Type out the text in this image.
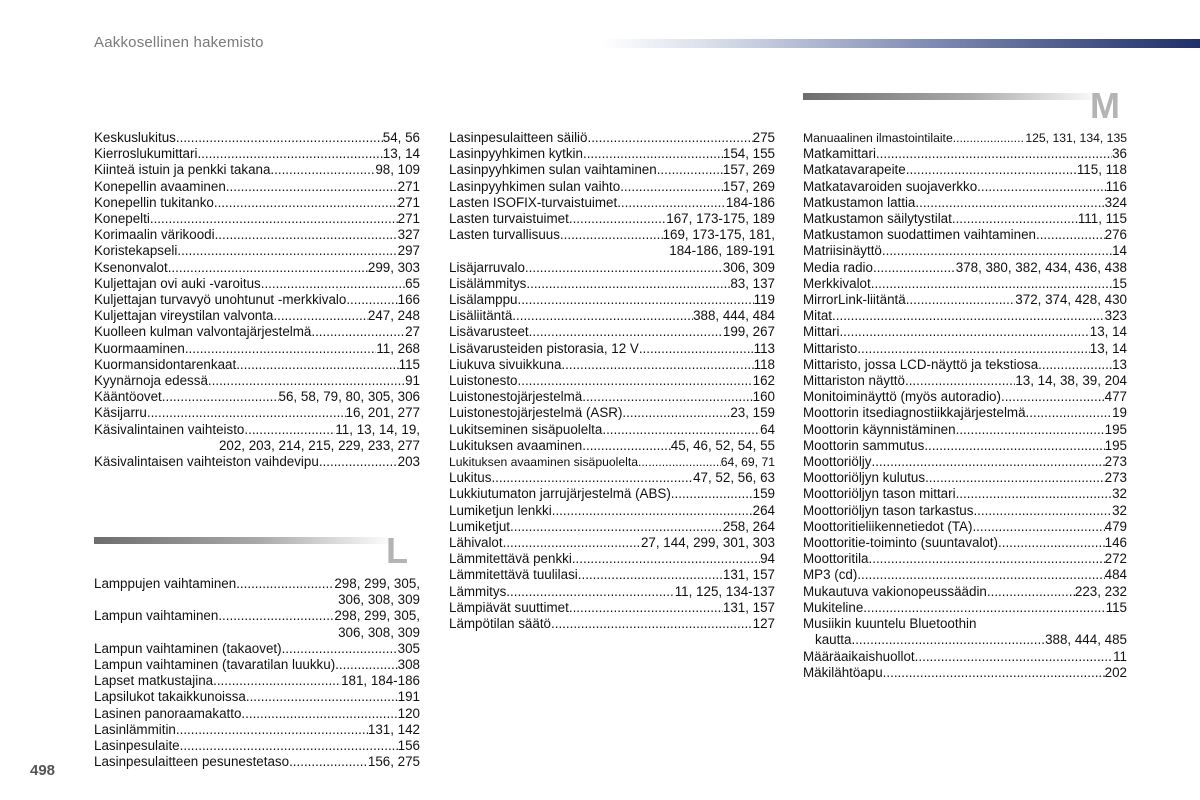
Aakkosellinen hakemisto
Keskuslukitus .....	54, 56
Kierroslukumittari .....	13, 14
Kiinteä istuin ja penkki takana .....	98, 109
Konepellin avaaminen .....	271
Konepellin tukitanko .....	271
Konepelti .....	271
Korimaalin värikoodi .....	327
Koristekapseli .....	297
Ksenonvalot .....	299, 303
Kuljettajan ovi auki -varoitus .....	65
Kuljettajan turvavyö unohtunut -merkkivalo .....	166
Kuljettajan vireystilan valvonta .....	247, 248
Kuolleen kulman valvontajärjestelmä .....	27
Kuormaaminen .....	11, 268
Kuormansidontarenkaat .....	115
Kyynärnoja edessä .....	91
Kääntöovet .....	56, 58, 79, 80, 305, 306
Käsijarru .....	16, 201, 277
Käsivalintainen vaihteisto .....	11, 13, 14, 19,
202, 203, 214, 215, 229, 233, 277
Käsivalintaisen vaihteiston vaihdevipu .....	203
L
Lamppujen vaihtaminen .....	298, 299, 305,
306, 308, 309
Lampun vaihtaminen .....	298, 299, 305,
306, 308, 309
Lampun vaihtaminen (takaovet) .....	305
Lampun vaihtaminen (tavaratilan luukku) .....	308
Lapset matkustajina .....	181, 184-186
Lapsilukot takaikkunoissa .....	191
Lasinen panoraamakatto .....	120
Lasinlämmitin .....	131, 142
Lasinpesulaite .....	156
Lasinpesulaitteen pesunestetaso .....	156, 275
Lasinpesulaitteen säiliö .....	275
Lasinpyyhkimen kytkin .....	154, 155
Lasinpyyhkimen sulan vaihtaminen .....	157, 269
Lasinpyyhkimen sulan vaihto .....	157, 269
Lasten ISOFIX-turvaistuimet .....	184-186
Lasten turvaistuimet .....	167, 173-175, 189
Lasten turvallisuus .....	169, 173-175, 181,
184-186, 189-191
Lisäjarruvalo .....	306, 309
Lisälämmitys .....	83, 137
Lisälamppu .....	119
Lisäliitäntä .....	388, 444, 484
Lisävarusteet .....	199, 267
Lisävarusteiden pistorasia, 12 V .....	113
Liukuva sivuikkuna .....	118
Luistonesto .....	162
Luistonestojärjestelmä .....	160
Luistonestojärjestelmä (ASR) .....	23, 159
Lukitseminen sisäpuolelta .....	64
Lukituksen avaaminen .....	45, 46, 52, 54, 55
Lukituksen avaaminen sisäpuolelta .....	64, 69, 71
Lukitus .....	47, 52, 56, 63
Lukkiutumaton jarrujärjestelmä (ABS) .....	159
Lumiketjun lenkki .....	264
Lumiketjut .....	258, 264
Lähivalot .....	27, 144, 299, 301, 303
Lämmitettävä penkki .....	94
Lämmitettävä tuulilasi .....	131, 157
Lämmitys .....	11, 125, 134-137
Lämpiävät suuttimet .....	131, 157
Lämpötilan säätö .....	127
M
Manuaalinen ilmastointilaite .....	125, 131, 134, 135
Matkamittari .....	36
Matkatavarapeite .....	115, 118
Matkatavaroiden suojaverkko .....	116
Matkustamon lattia .....	324
Matkustamon säilytystilat .....	111, 115
Matkustamon suodattimen vaihtaminen .....	276
Matriisinäyttö .....	14
Media radio .....	378, 380, 382, 434, 436, 438
Merkkivalot .....	15
MirrorLink-liitäntä .....	372, 374, 428, 430
Mitat .....	323
Mittari .....	13, 14
Mittaristo .....	13, 14
Mittaristo, jossa LCD-näyttö ja tekstiosa .....	13
Mittariston näyttö .....	13, 14, 38, 39, 204
Monitoiminäyttö (myös autoradio) .....	477
Moottorin itsediagnostiikkajärjestelmä .....	19
Moottorin käynnistäminen .....	195
Moottorin sammutus .....	195
Moottoriöljy .....	273
Moottoriöljyn kulutus .....	273
Moottoriöljyn tason mittari .....	32
Moottoriöljyn tason tarkastus .....	32
Moottoritieliikennetiedot (TA) .....	479
Moottoritie-toiminto (suuntavalot) .....	146
Moottoritila .....	272
MP3 (cd) .....	484
Mukautuva vakionopeussäädin .....	223, 232
Mukiteline .....	115
Musiikin kuuntelu Bluetoothin
kautta .....	388, 444, 485
Määräaikaishuollot .....	11
Mäkilähtöapu .....	202
498
